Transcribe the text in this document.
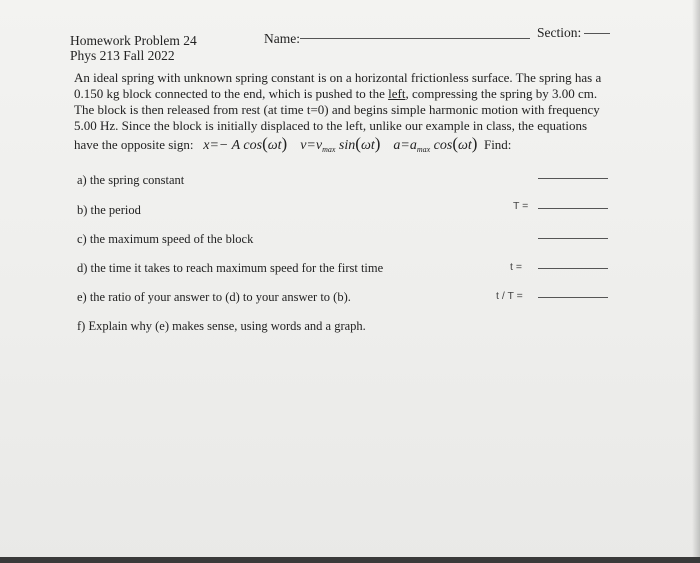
Homework Problem 24
Phys 213 Fall 2022
Name:	Section:
An ideal spring with unknown spring constant is on a horizontal frictionless surface. The spring has a
0.150 kg block connected to the end, which is pushed to the left, compressing the spring by 3.00 cm.
The block is then released from rest (at time t=0) and begins simple harmonic motion with frequency
5.00 Hz. Since the block is initially displaced to the left, unlike our example in class, the equations
have the opposite sign: x=− A cos(ωt) $v=v_{max}$ sin(ωt) $a=a_{max}$ cos(ωt) Find:
a) the spring constant
b) the period
c) the maximum speed of the block
d) the time it takes to reach maximum speed for the first time
e) the ratio of your answer to (d) to your answer to (b).
f) Explain why (e) makes sense, using words and a graph.
T =
t =
t / T =
